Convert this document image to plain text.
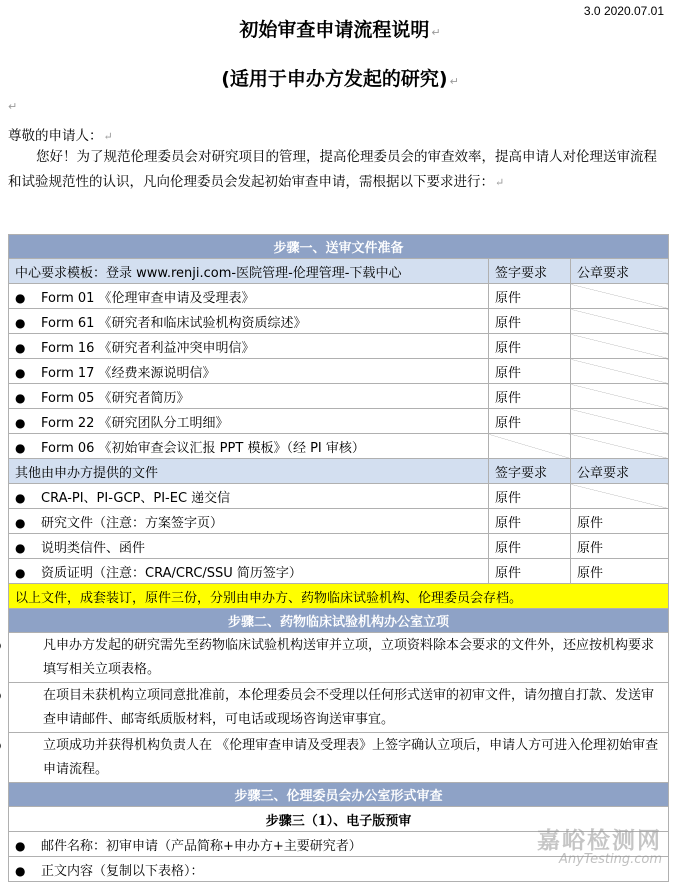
3.0 2020.07.01
初始审查申请流程说明 ↵
(适用于申办方发起的研究) ↵
↵
尊敬的申请人：↵
您好！为了规范伦理委员会对研究项目的管理，提高伦理委员会的审查效率，提高申请人对伦理送审流程和试验规范性的认识，凡向伦理委员会发起初始审查申请，需根据以下要求进行：↵
步骤一、送审文件准备		
中心要求模板：登录 www.renji.com-医院管理-伦理管理-下载中心	签字要求	公章要求
● Form 01 《伦理审查申请及受理表》	原件	
● Form 61 《研究者和临床试验机构资质综述》	原件	
● Form 16 《研究者利益冲突申明信》	原件	
● Form 17 《经费来源说明信》	原件	
● Form 05 《研究者简历》	原件	
● Form 22 《研究团队分工明细》	原件	
● Form 06 《初始审查会议汇报 PPT 模板》（经 PI 审核）		
其他由申办方提供的文件	签字要求	公章要求
● CRA-PI、PI-GCP、PI-EC 递交信	原件	
● 研究文件（注意：方案签字页）	原件	原件
● 说明类信件、函件	原件	原件
● 资质证明（注意：CRA/CRC/SSU 简历签字）	原件	原件
以上文件，成套装订，原件三份，分别由申办方、药物临床试验机构、伦理委员会存档。		
步骤二、药物临床试验机构办公室立项		
凡申办方发起的研究需先至药物临床试验机构送审并立项，立项资料除本会要求的文件外，还应按机构要求填写相关立项表格。		
在项目未获机构立项同意批准前，本伦理委员会不受理以任何形式送审的初审文件，请勿擅自打款、发送审查申请邮件、邮寄纸质版材料，可电话或现场咨询送审事宜。		
立项成功并获得机构负责人在 《伦理审查申请及受理表》上签字确认立项后，申请人方可进入伦理初始审查申请流程。		
步骤三、伦理委员会办公室形式审查		
步骤三（1）、电子版预审		
● 邮件名称：初审申请（产品简称+申办方+主要研究者）		
● 正文内容（复制以下表格）：		
嘉峪检测网
AnyTesting.com
